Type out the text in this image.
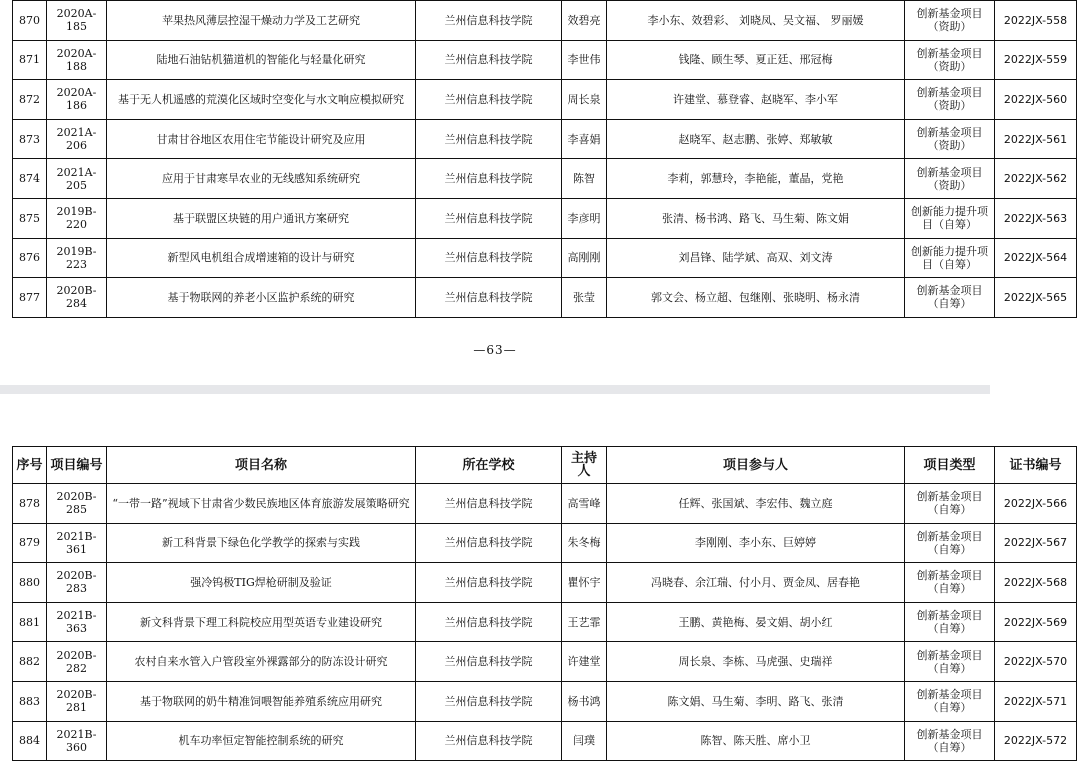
870	2020A-185	苹果热风薄层控湿干燥动力学及工艺研究	兰州信息科技学院	效碧亮	李小东、效碧彩、 刘晓凤、吴文福、 罗丽媛	创新基金项目（资助）	2022JX-558
871	2020A-188	陆地石油钻机猫道机的智能化与轻量化研究	兰州信息科技学院	李世伟	钱隆、顾生琴、夏正廷、邢冠梅	创新基金项目（资助）	2022JX-559
872	2020A-186	基于无人机遥感的荒漠化区域时空变化与水文响应模拟研究	兰州信息科技学院	周长泉	许建堂、慕登睿、赵晓军、李小军	创新基金项目（资助）	2022JX-560
873	2021A-206	甘肃甘谷地区农用住宅节能设计研究及应用	兰州信息科技学院	李喜娟	赵晓军、赵志鹏、张婷、郑敏敏	创新基金项目（资助）	2022JX-561
874	2021A-205	应用于甘肃寒旱农业的无线感知系统研究	兰州信息科技学院	陈智	李莉，郭慧玲，李艳能，董晶，党艳	创新基金项目（资助）	2022JX-562
875	2019B-220	基于联盟区块链的用户通讯方案研究	兰州信息科技学院	李彦明	张清、杨书鸿、路飞、马生菊、陈文娟	创新能力提升项目（自筹）	2022JX-563
876	2019B-223	新型风电机组合成增速箱的设计与研究	兰州信息科技学院	高刚刚	刘昌锋、陆学斌、高双、刘文涛	创新能力提升项目（自筹）	2022JX-564
877	2020B-284	基于物联网的养老小区监护系统的研究	兰州信息科技学院	张莹	郭文会、杨立超、包继刚、张晓明、杨永清	创新基金项目（自筹）	2022JX-565
—63—
序号	项目编号	项目名称	所在学校	主持人	项目参与人	项目类型	证书编号
878	2020B-285	“一带一路”视域下甘肃省少数民族地区体育旅游发展策略研究	兰州信息科技学院	高雪峰	任辉、张国斌、李宏伟、魏立庭	创新基金项目（自筹）	2022JX-566
879	2021B-361	新工科背景下绿色化学教学的探索与实践	兰州信息科技学院	朱冬梅	李刚刚、李小东、巨婷婷	创新基金项目（自筹）	2022JX-567
880	2020B-283	强冷钨极TIG焊枪研制及验证	兰州信息科技学院	瞿怀宇	冯晓春、余江瑞、付小月、贾金凤、居春艳	创新基金项目（自筹）	2022JX-568
881	2021B-363	新文科背景下理工科院校应用型英语专业建设研究	兰州信息科技学院	王艺霏	王鹏、黄艳梅、晏文娟、胡小红	创新基金项目（自筹）	2022JX-569
882	2020B-282	农村自来水管入户管段室外裸露部分的防冻设计研究	兰州信息科技学院	许建堂	周长泉、李栋、马虎强、史瑞祥	创新基金项目（自筹）	2022JX-570
883	2020B-281	基于物联网的奶牛精准饲喂智能养殖系统应用研究	兰州信息科技学院	杨书鸿	陈文娟、马生菊、李明、路飞、张清	创新基金项目（自筹）	2022JX-571
884	2021B-360	机车功率恒定智能控制系统的研究	兰州信息科技学院	闫璞	陈智、陈天胜、席小卫	创新基金项目（自筹）	2022JX-572
